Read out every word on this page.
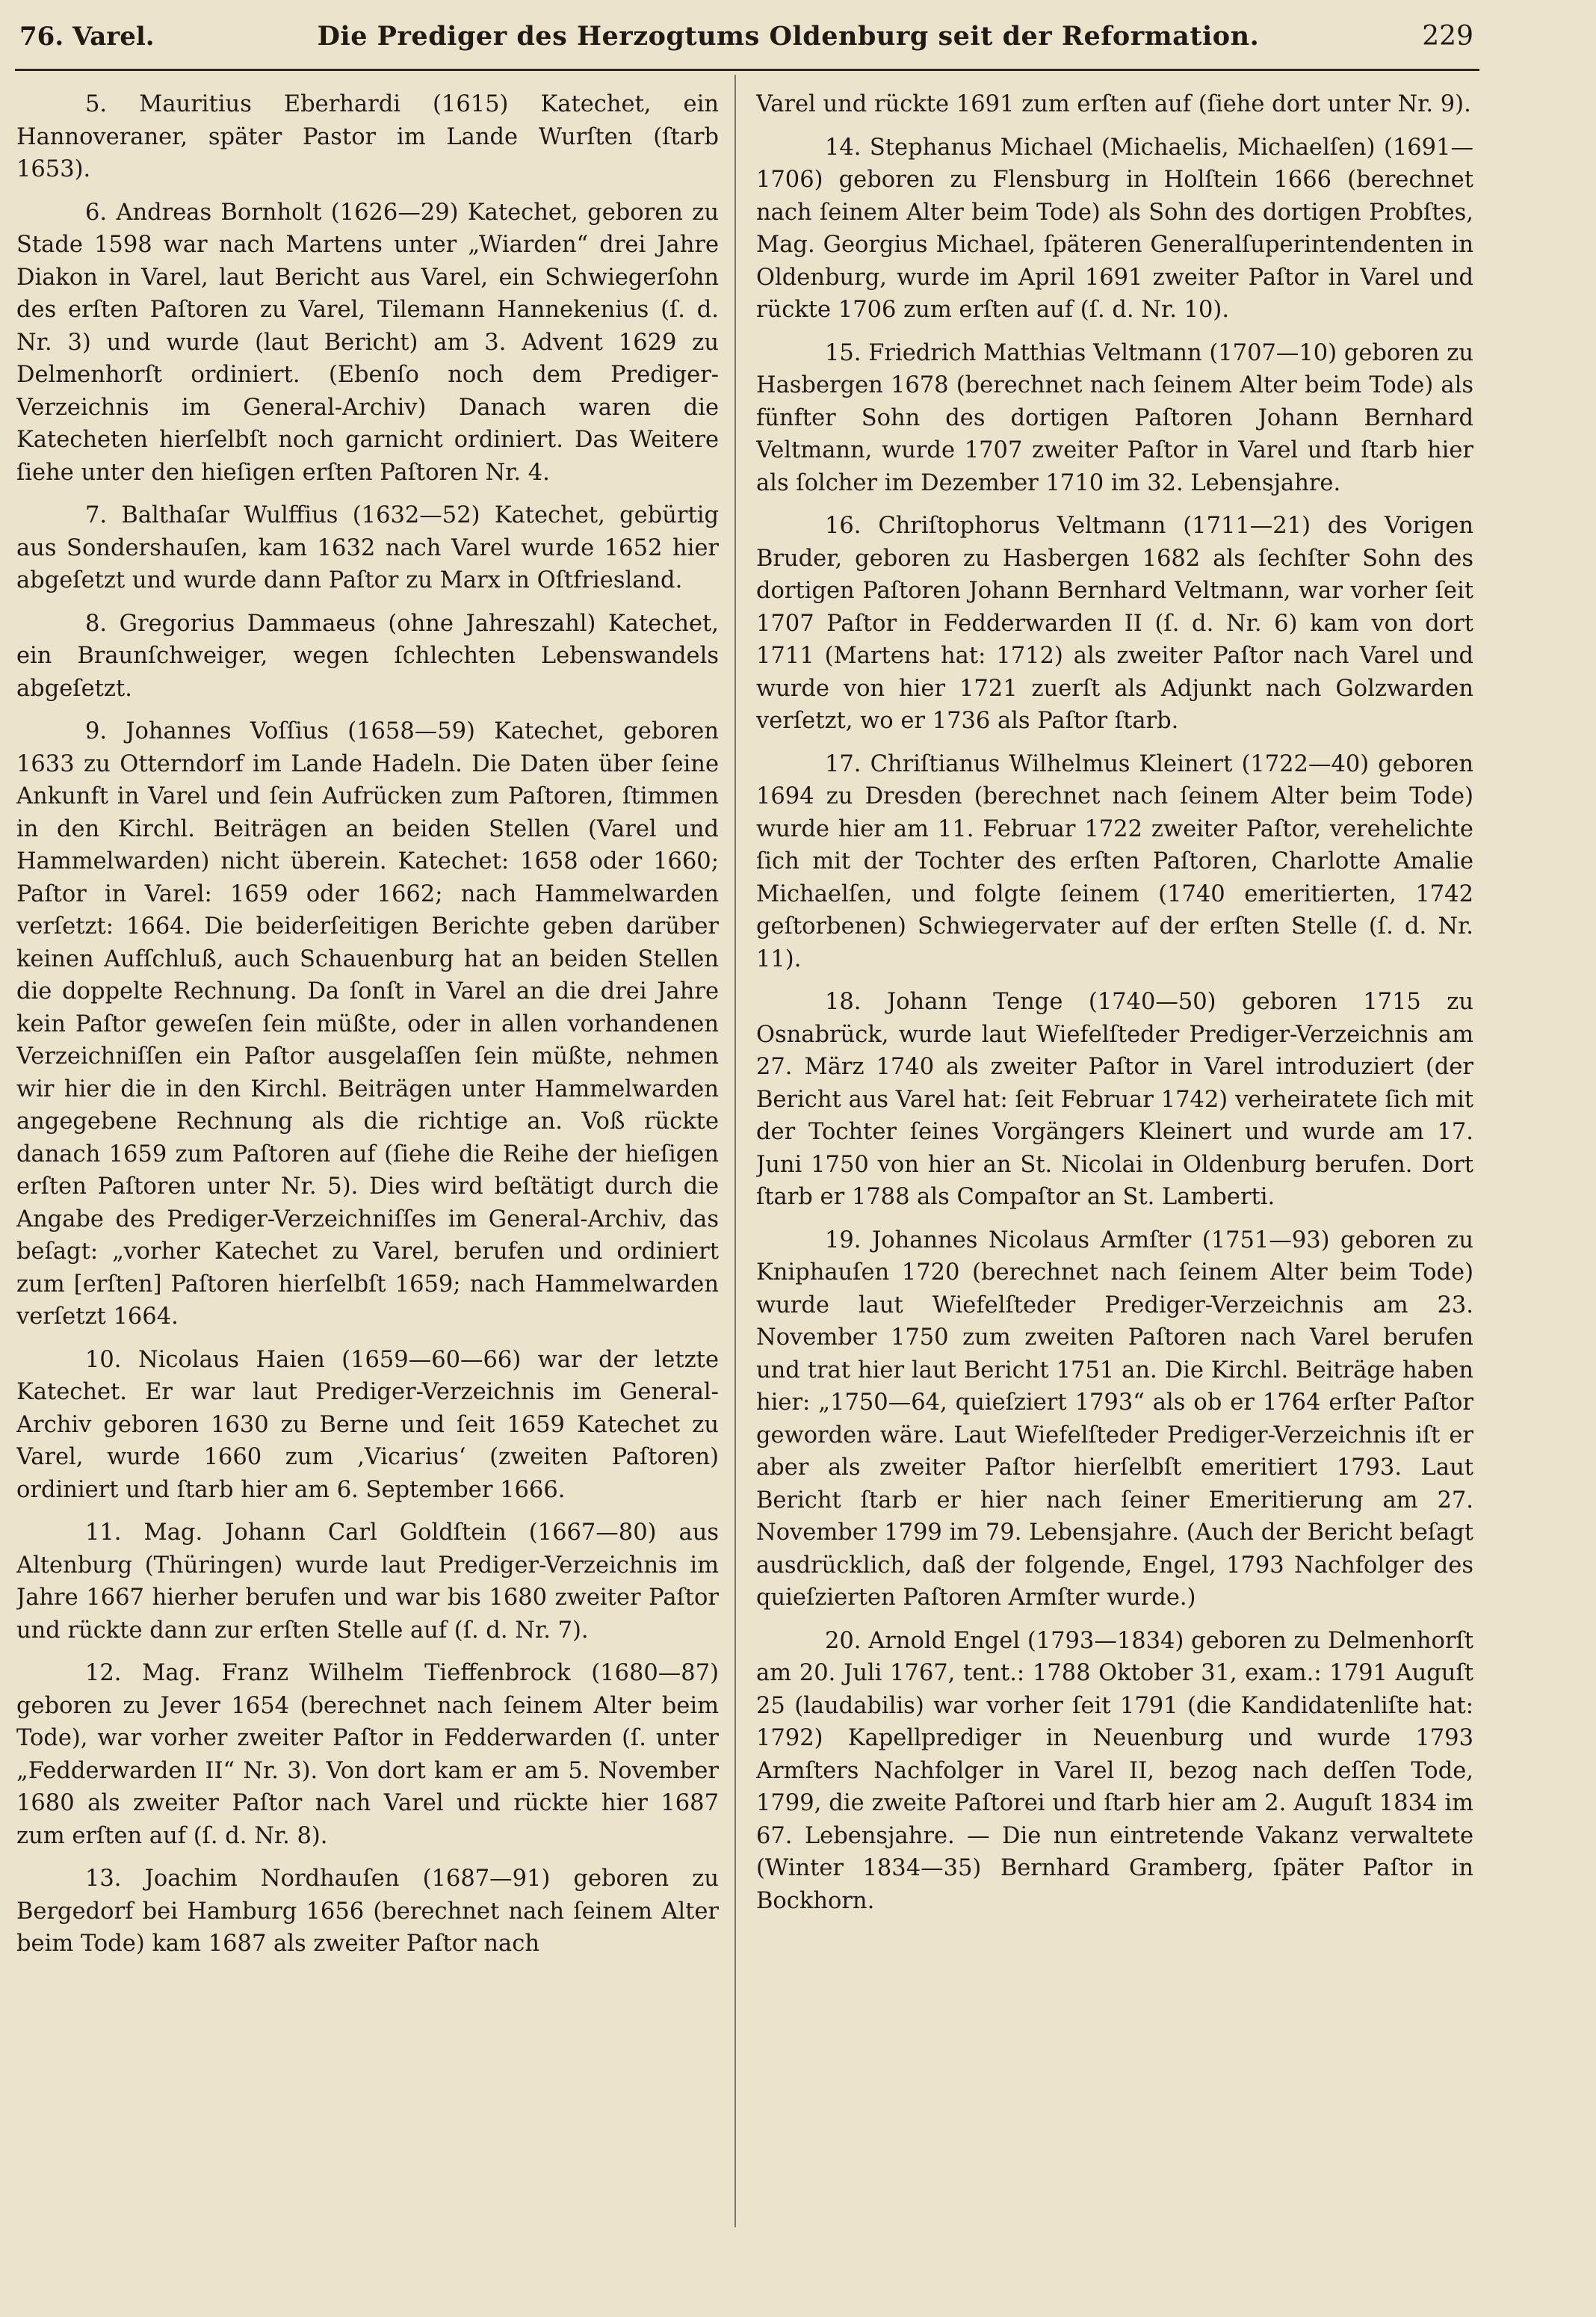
76. Varel.	Die Prediger des Herzogtums Oldenburg seit der Reformation.	229

5. Mauritius Eberhardi (1615) Katechet, ein Hannoveraner, später Pastor im Lande Wurſten (ſtarb 1653).

6. Andreas Bornholt (1626—29) Katechet, geboren zu Stade 1598 war nach Martens unter „Wiarden“ drei Jahre Diakon in Varel, laut Bericht aus Varel, ein Schwiegerſohn des erſten Paſtoren zu Varel, Tilemann Hannekenius (ſ. d. Nr. 3) und wurde (laut Bericht) am 3. Advent 1629 zu Delmenhorſt ordiniert. (Ebenſo noch dem Prediger-Verzeichnis im General-Archiv) Danach waren die Katecheten hierſelbſt noch garnicht ordiniert. Das Weitere ſiehe unter den hieſigen erſten Paſtoren Nr. 4.

7. Balthaſar Wulffius (1632—52) Katechet, gebürtig aus Sondershauſen, kam 1632 nach Varel wurde 1652 hier abgeſetzt und wurde dann Paſtor zu Marx in Oſtfriesland.

8. Gregorius Dammaeus (ohne Jahreszahl) Katechet, ein Braunſchweiger, wegen ſchlechten Lebenswandels abgeſetzt.

9. Johannes Voſſius (1658—59) Katechet, geboren 1633 zu Otterndorf im Lande Hadeln. Die Daten über ſeine Ankunft in Varel und ſein Aufrücken zum Paſtoren, ſtimmen in den Kirchl. Beiträgen an beiden Stellen (Varel und Hammelwarden) nicht überein. Katechet: 1658 oder 1660; Paſtor in Varel: 1659 oder 1662; nach Hammelwarden verſetzt: 1664. Die beiderſeitigen Berichte geben darüber keinen Aufſchluß, auch Schauenburg hat an beiden Stellen die doppelte Rechnung. Da ſonſt in Varel an die drei Jahre kein Paſtor geweſen ſein müßte, oder in allen vorhandenen Verzeichniſſen ein Paſtor ausgelaſſen ſein müßte, nehmen wir hier die in den Kirchl. Beiträgen unter Hammelwarden angegebene Rechnung als die richtige an. Voß rückte danach 1659 zum Paſtoren auf (ſiehe die Reihe der hieſigen erſten Paſtoren unter Nr. 5). Dies wird beſtätigt durch die Angabe des Prediger-Verzeichniſſes im General-Archiv, das beſagt: „vorher Katechet zu Varel, berufen und ordiniert zum [erſten] Paſtoren hierſelbſt 1659; nach Hammelwarden verſetzt 1664.

10. Nicolaus Haien (1659—60—66) war der letzte Katechet. Er war laut Prediger-Verzeichnis im General-Archiv geboren 1630 zu Berne und ſeit 1659 Katechet zu Varel, wurde 1660 zum ‚Vicarius‘ (zweiten Paſtoren) ordiniert und ſtarb hier am 6. September 1666.

11. Mag. Johann Carl Goldſtein (1667—80) aus Altenburg (Thüringen) wurde laut Prediger-Verzeichnis im Jahre 1667 hierher berufen und war bis 1680 zweiter Paſtor und rückte dann zur erſten Stelle auf (ſ. d. Nr. 7).

12. Mag. Franz Wilhelm Tieffenbrock (1680—87) geboren zu Jever 1654 (berechnet nach ſeinem Alter beim Tode), war vorher zweiter Paſtor in Fedderwarden (ſ. unter „Fedderwarden II“ Nr. 3). Von dort kam er am 5. November 1680 als zweiter Paſtor nach Varel und rückte hier 1687 zum erſten auf (ſ. d. Nr. 8).

13. Joachim Nordhauſen (1687—91) geboren zu Bergedorf bei Hamburg 1656 (berechnet nach ſeinem Alter beim Tode) kam 1687 als zweiter Paſtor nach

Varel und rückte 1691 zum erſten auf (ſiehe dort unter Nr. 9).

14. Stephanus Michael (Michaelis, Michaelſen) (1691—1706) geboren zu Flensburg in Holſtein 1666 (berechnet nach ſeinem Alter beim Tode) als Sohn des dortigen Probſtes, Mag. Georgius Michael, ſpäteren Generalſuperintendenten in Oldenburg, wurde im April 1691 zweiter Paſtor in Varel und rückte 1706 zum erſten auf (ſ. d. Nr. 10).

15. Friedrich Matthias Veltmann (1707—10) geboren zu Hasbergen 1678 (berechnet nach ſeinem Alter beim Tode) als fünfter Sohn des dortigen Paſtoren Johann Bernhard Veltmann, wurde 1707 zweiter Paſtor in Varel und ſtarb hier als ſolcher im Dezember 1710 im 32. Lebensjahre.

16. Chriſtophorus Veltmann (1711—21) des Vorigen Bruder, geboren zu Hasbergen 1682 als ſechſter Sohn des dortigen Paſtoren Johann Bernhard Veltmann, war vorher ſeit 1707 Paſtor in Fedderwarden II (ſ. d. Nr. 6) kam von dort 1711 (Martens hat: 1712) als zweiter Paſtor nach Varel und wurde von hier 1721 zuerſt als Adjunkt nach Golzwarden verſetzt, wo er 1736 als Paſtor ſtarb.

17. Chriſtianus Wilhelmus Kleinert (1722—40) geboren 1694 zu Dresden (berechnet nach ſeinem Alter beim Tode) wurde hier am 11. Februar 1722 zweiter Paſtor, verehelichte ſich mit der Tochter des erſten Paſtoren, Charlotte Amalie Michaelſen, und folgte ſeinem (1740 emeritierten, 1742 geſtorbenen) Schwiegervater auf der erſten Stelle (ſ. d. Nr. 11).

18. Johann Tenge (1740—50) geboren 1715 zu Osnabrück, wurde laut Wiefelſteder Prediger-Verzeichnis am 27. März 1740 als zweiter Paſtor in Varel introduziert (der Bericht aus Varel hat: ſeit Februar 1742) verheiratete ſich mit der Tochter ſeines Vorgängers Kleinert und wurde am 17. Juni 1750 von hier an St. Nicolai in Oldenburg berufen. Dort ſtarb er 1788 als Compaſtor an St. Lamberti.

19. Johannes Nicolaus Armſter (1751—93) geboren zu Kniphauſen 1720 (berechnet nach ſeinem Alter beim Tode) wurde laut Wiefelſteder Prediger-Verzeichnis am 23. November 1750 zum zweiten Paſtoren nach Varel berufen und trat hier laut Bericht 1751 an. Die Kirchl. Beiträge haben hier: „1750—64, quieſziert 1793“ als ob er 1764 erſter Paſtor geworden wäre. Laut Wiefelſteder Prediger-Verzeichnis iſt er aber als zweiter Paſtor hierſelbſt emeritiert 1793. Laut Bericht ſtarb er hier nach ſeiner Emeritierung am 27. November 1799 im 79. Lebensjahre. (Auch der Bericht beſagt ausdrücklich, daß der folgende, Engel, 1793 Nachfolger des quieſzierten Paſtoren Armſter wurde.)

20. Arnold Engel (1793—1834) geboren zu Delmenhorſt am 20. Juli 1767, tent.: 1788 Oktober 31, exam.: 1791 Auguſt 25 (laudabilis) war vorher ſeit 1791 (die Kandidatenliſte hat: 1792) Kapellprediger in Neuenburg und wurde 1793 Armſters Nachfolger in Varel II, bezog nach deſſen Tode, 1799, die zweite Paſtorei und ſtarb hier am 2. Auguſt 1834 im 67. Lebensjahre. — Die nun eintretende Vakanz verwaltete (Winter 1834—35) Bernhard Gramberg, ſpäter Paſtor in Bockhorn.
